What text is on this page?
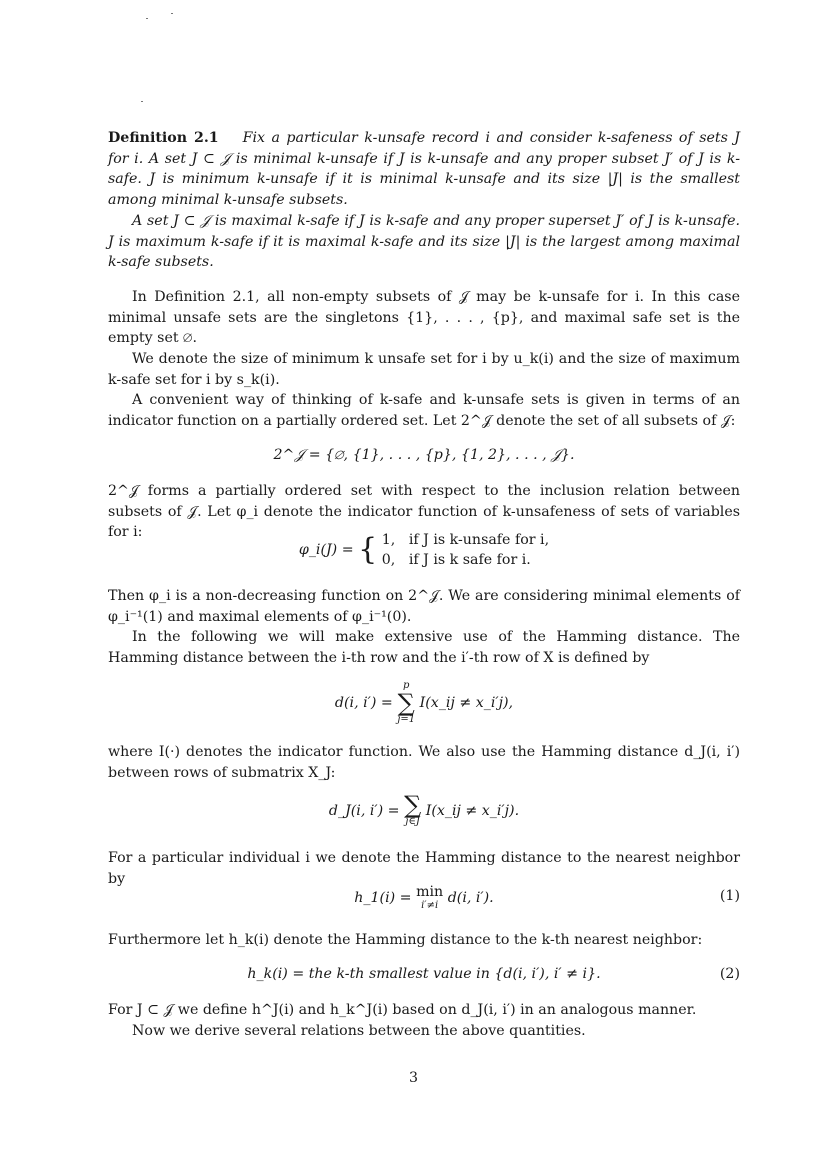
Definition 2.1 Fix a particular k-unsafe record i and consider k-safeness of sets J for i. A set J ⊂ 𝒥 is minimal k-unsafe if J is k-unsafe and any proper subset J′ of J is k-safe. J is minimum k-unsafe if it is minimal k-unsafe and its size |J| is the smallest among minimal k-unsafe subsets.
A set J ⊂ 𝒥 is maximal k-safe if J is k-safe and any proper superset J′ of J is k-unsafe. J is maximum k-safe if it is maximal k-safe and its size |J| is the largest among maximal k-safe subsets.

In Definition 2.1, all non-empty subsets of 𝒥 may be k-unsafe for i. In this case minimal unsafe sets are the singletons {1}, . . . , {p}, and maximal safe set is the empty set ∅.

We denote the size of minimum k unsafe set for i by u_k(i) and the size of maximum k-safe set for i by s_k(i).

A convenient way of thinking of k-safe and k-unsafe sets is given in terms of an indicator function on a partially ordered set. Let 2^𝒥 denote the set of all subsets of 𝒥:

2^𝒥 = {∅, {1}, . . . , {p}, {1, 2}, . . . , 𝒥}.

2^𝒥 forms a partially ordered set with respect to the inclusion relation between subsets of 𝒥. Let φ_i denote the indicator function of k-unsafeness of sets of variables for i:

φ_i(J) = { 1, if J is k-unsafe for i,
0, if J is k safe for i.

Then φ_i is a non-decreasing function on 2^𝒥. We are considering minimal elements of φ_i⁻¹(1) and maximal elements of φ_i⁻¹(0).

In the following we will make extensive use of the Hamming distance. The Hamming distance between the i-th row and the i′-th row of X is defined by

d(i, i′) =
p
∑
j=1
I(x_ij ≠ x_i′j),

where I(·) denotes the indicator function. We also use the Hamming distance d_J(i, i′) between rows of submatrix X_J:

d_J(i, i′) = ∑
j∈J
I(x_ij ≠ x_i′j).

For a particular individual i we denote the Hamming distance to the nearest neighbor by

h_1(i) = min
i′≠i d(i, i′).	(1)

Furthermore let h_k(i) denote the Hamming distance to the k-th nearest neighbor:

h_k(i) = the k-th smallest value in {d(i, i′), i′ ≠ i}.	(2)

For J ⊂ 𝒥 we define h^J(i) and h_k^J(i) based on d_J(i, i′) in an analogous manner.

Now we derive several relations between the above quantities.

3
